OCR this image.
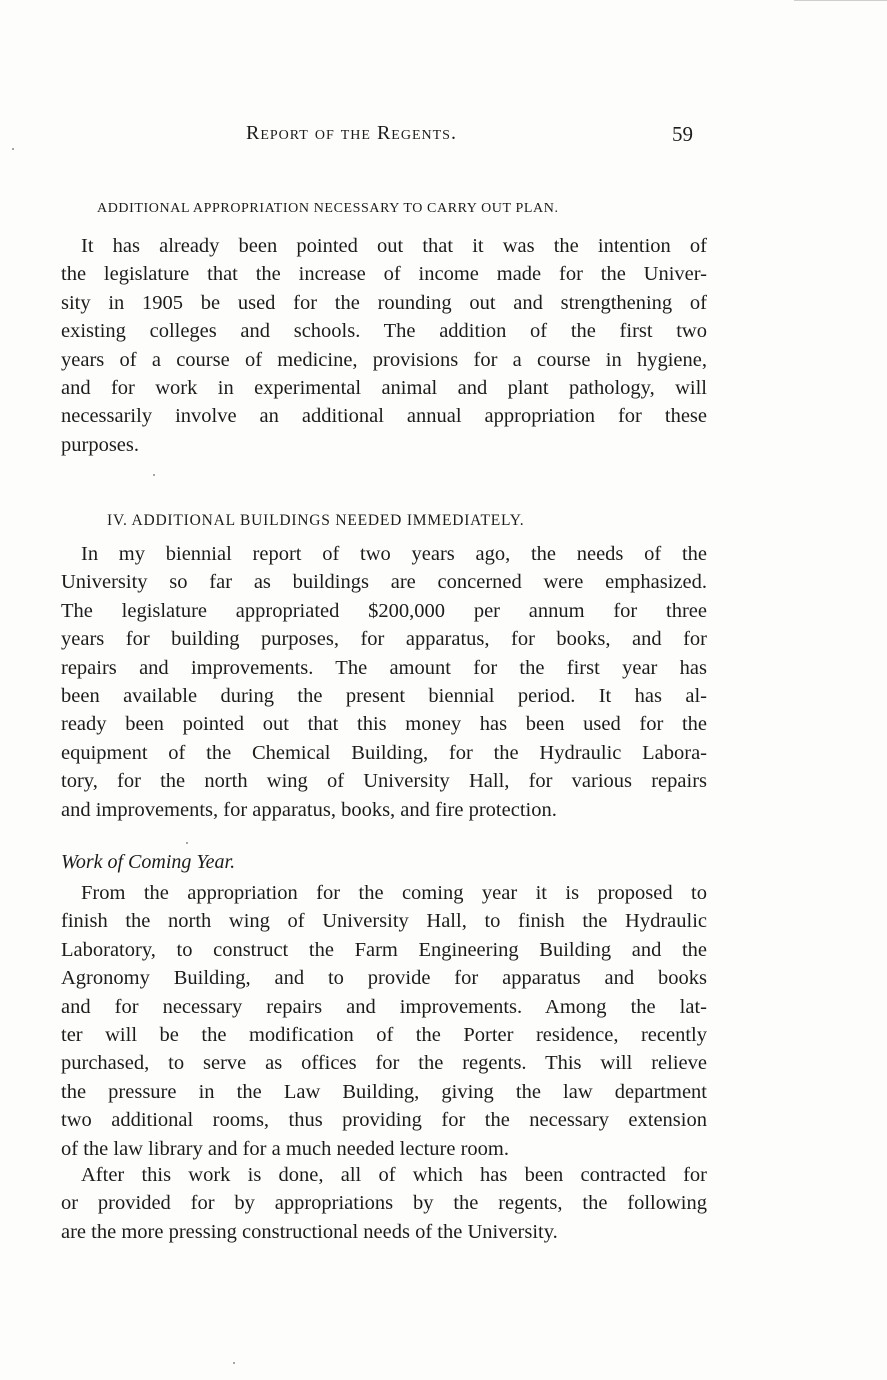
Report of the Regents.	59
ADDITIONAL APPROPRIATION NECESSARY TO CARRY OUT PLAN.
It has already been pointed out that it was the intention of
the legislature that the increase of income made for the Univer-
sity in 1905 be used for the rounding out and strengthening of
existing colleges and schools. The addition of the first two
years of a course of medicine, provisions for a course in hygiene,
and for work in experimental animal and plant pathology, will
necessarily involve an additional annual appropriation for these
purposes.
IV. ADDITIONAL BUILDINGS NEEDED IMMEDIATELY.
In my biennial report of two years ago, the needs of the
University so far as buildings are concerned were emphasized.
The legislature appropriated $200,000 per annum for three
years for building purposes, for apparatus, for books, and for
repairs and improvements. The amount for the first year has
been available during the present biennial period. It has al-
ready been pointed out that this money has been used for the
equipment of the Chemical Building, for the Hydraulic Labora-
tory, for the north wing of University Hall, for various repairs
and improvements, for apparatus, books, and fire protection.
Work of Coming Year.
From the appropriation for the coming year it is proposed to
finish the north wing of University Hall, to finish the Hydraulic
Laboratory, to construct the Farm Engineering Building and the
Agronomy Building, and to provide for apparatus and books
and for necessary repairs and improvements. Among the lat-
ter will be the modification of the Porter residence, recently
purchased, to serve as offices for the regents. This will relieve
the pressure in the Law Building, giving the law department
two additional rooms, thus providing for the necessary extension
of the law library and for a much needed lecture room.
After this work is done, all of which has been contracted for
or provided for by appropriations by the regents, the following
are the more pressing constructional needs of the University.
